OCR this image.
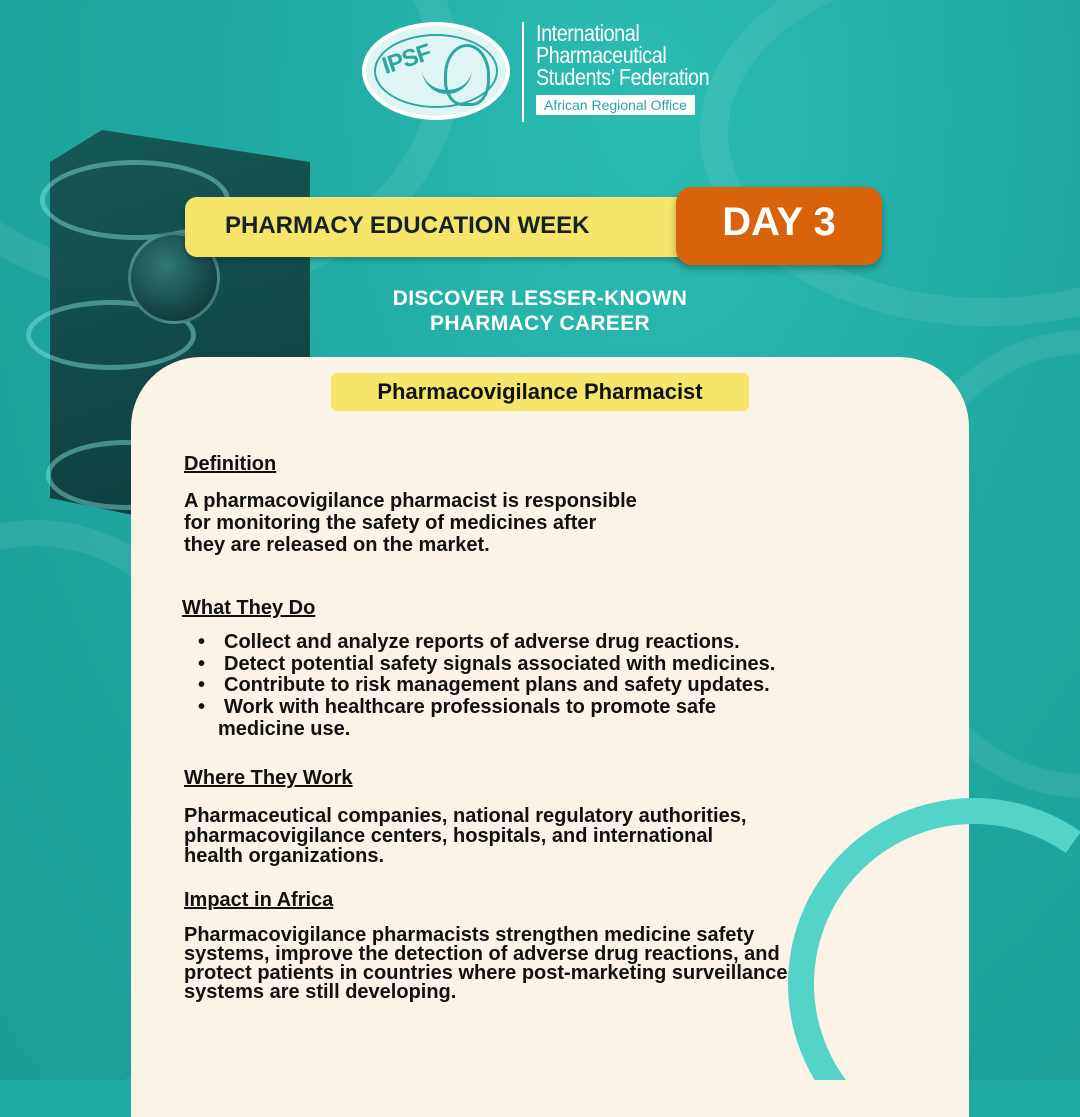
IPSF
International
Pharmaceutical
Students’ Federation
African Regional Office
PHARMACY EDUCATION WEEK	DAY 3
DISCOVER LESSER-KNOWN
PHARMACY CAREER
Pharmacovigilance Pharmacist

Definition

A pharmacovigilance pharmacist is responsible

for monitoring the safety of medicines after

they are released on the market.

What They Do

• Collect and analyze reports of adverse drug reactions.
• Detect potential safety signals associated with medicines.
• Contribute to risk management plans and safety updates.
• Work with healthcare professionals to promote safe

medicine use.

Where They Work

Pharmaceutical companies, national regulatory authorities,

pharmacovigilance centers, hospitals, and international

health organizations.

Impact in Africa

Pharmacovigilance pharmacists strengthen medicine safety

systems, improve the detection of adverse drug reactions, and

protect patients in countries where post-marketing surveillance

systems are still developing.
